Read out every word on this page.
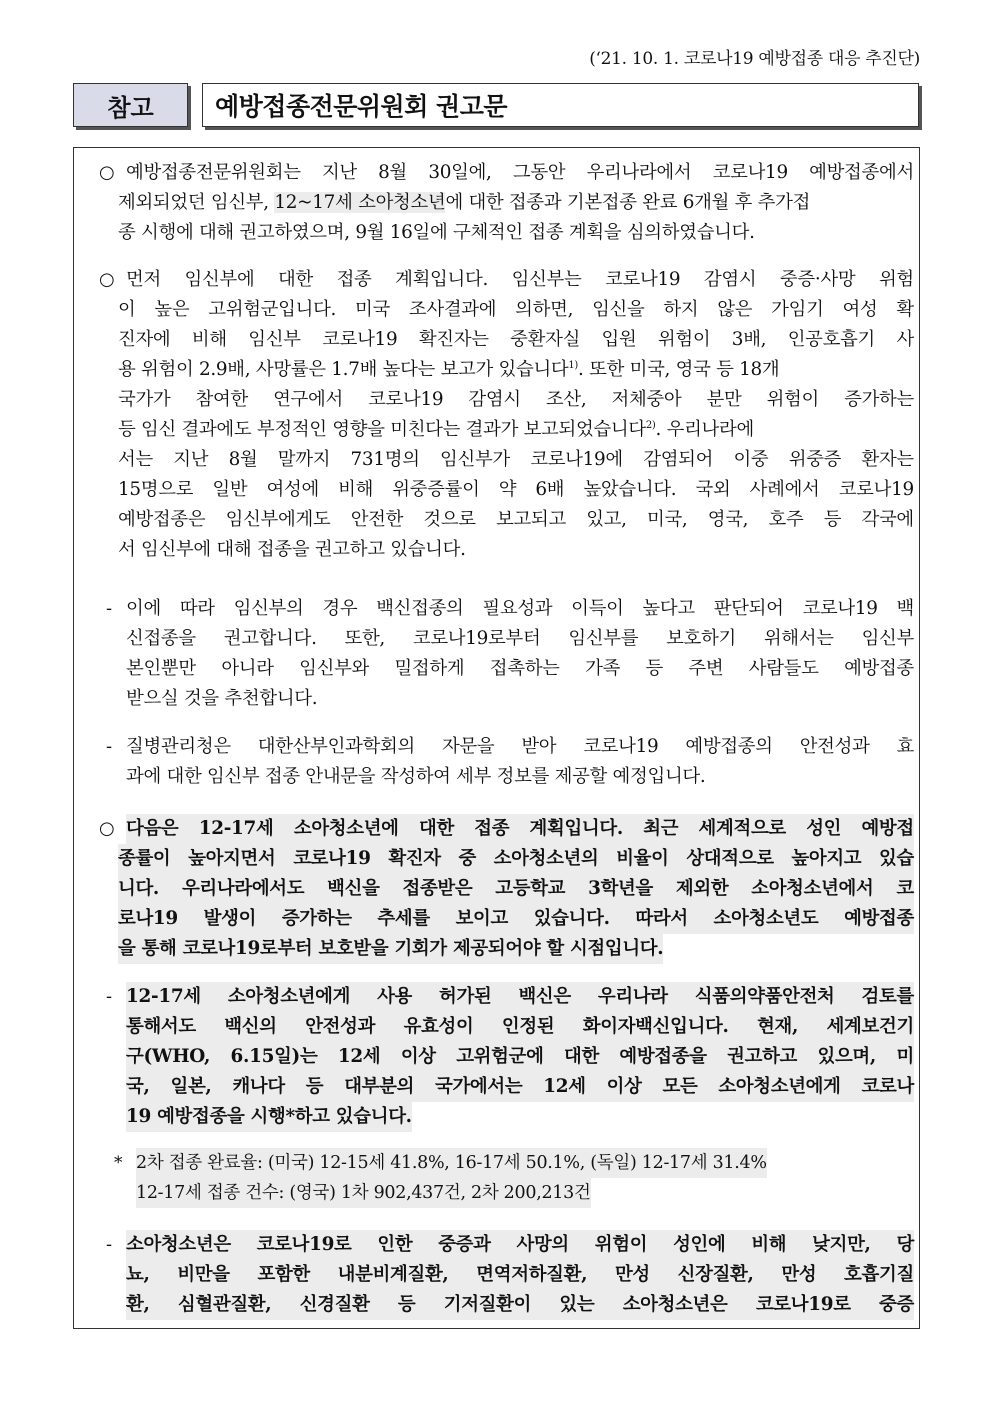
(‘21. 10. 1. 코로나19 예방접종 대응 추진단)
참고	예방접종전문위원회 권고문
○ 예방접종전문위원회는 지난 8월 30일에, 그동안 우리나라에서 코로나19 예방접종에서
제외되었던 임신부, 12~17세 소아청소년에 대한 접종과 기본접종 완료 6개월 후 추가접
종 시행에 대해 권고하였으며, 9월 16일에 구체적인 접종 계획을 심의하였습니다.
○ 먼저 임신부에 대한 접종 계획입니다. 임신부는 코로나19 감염시 중증·사망 위험
이 높은 고위험군입니다. 미국 조사결과에 의하면, 임신을 하지 않은 가임기 여성 확
진자에 비해 임신부 코로나19 확진자는 중환자실 입원 위험이 3배, 인공호흡기 사
용 위험이 2.9배, 사망률은 1.7배 높다는 보고가 있습니다$^{1)}$. 또한 미국, 영국 등 18개
국가가 참여한 연구에서 코로나19 감염시 조산, 저체중아 분만 위험이 증가하는
등 임신 결과에도 부정적인 영향을 미친다는 결과가 보고되었습니다$^{2)}$. 우리나라에
서는 지난 8월 말까지 731명의 임신부가 코로나19에 감염되어 이중 위중증 환자는
15명으로 일반 여성에 비해 위중증률이 약 6배 높았습니다. 국외 사례에서 코로나19
예방접종은 임신부에게도 안전한 것으로 보고되고 있고, 미국, 영국, 호주 등 각국에
서 임신부에 대해 접종을 권고하고 있습니다.
- 이에 따라 임신부의 경우 백신접종의 필요성과 이득이 높다고 판단되어 코로나19 백
신접종을 권고합니다. 또한, 코로나19로부터 임신부를 보호하기 위해서는 임신부
본인뿐만 아니라 임신부와 밀접하게 접촉하는 가족 등 주변 사람들도 예방접종
받으실 것을 추천합니다.
- 질병관리청은 대한산부인과학회의 자문을 받아 코로나19 예방접종의 안전성과 효
과에 대한 임신부 접종 안내문을 작성하여 세부 정보를 제공할 예정입니다.
○ 다음은 12-17세 소아청소년에 대한 접종 계획입니다. 최근 세계적으로 성인 예방접
종률이 높아지면서 코로나19 확진자 중 소아청소년의 비율이 상대적으로 높아지고 있습
니다. 우리나라에서도 백신을 접종받은 고등학교 3학년을 제외한 소아청소년에서 코
로나19 발생이 증가하는 추세를 보이고 있습니다. 따라서 소아청소년도 예방접종
을 통해 코로나19로부터 보호받을 기회가 제공되어야 할 시점입니다.
- 12-17세 소아청소년에게 사용 허가된 백신은 우리나라 식품의약품안전처 검토를
통해서도 백신의 안전성과 유효성이 인정된 화이자백신입니다. 현재, 세계보건기
구(WHO, 6.15일)는 12세 이상 고위험군에 대한 예방접종을 권고하고 있으며, 미
국, 일본, 캐나다 등 대부분의 국가에서는 12세 이상 모든 소아청소년에게 코로나
19 예방접종을 시행*하고 있습니다.
* 2차 접종 완료율: (미국) 12-15세 41.8%, 16-17세 50.1%, (독일) 12-17세 31.4%
12-17세 접종 건수: (영국) 1차 902,437건, 2차 200,213건
- 소아청소년은 코로나19로 인한 중증과 사망의 위험이 성인에 비해 낮지만, 당
뇨, 비만을 포함한 내분비계질환, 면역저하질환, 만성 신장질환, 만성 호흡기질
환, 심혈관질환, 신경질환 등 기저질환이 있는 소아청소년은 코로나19로 중증
